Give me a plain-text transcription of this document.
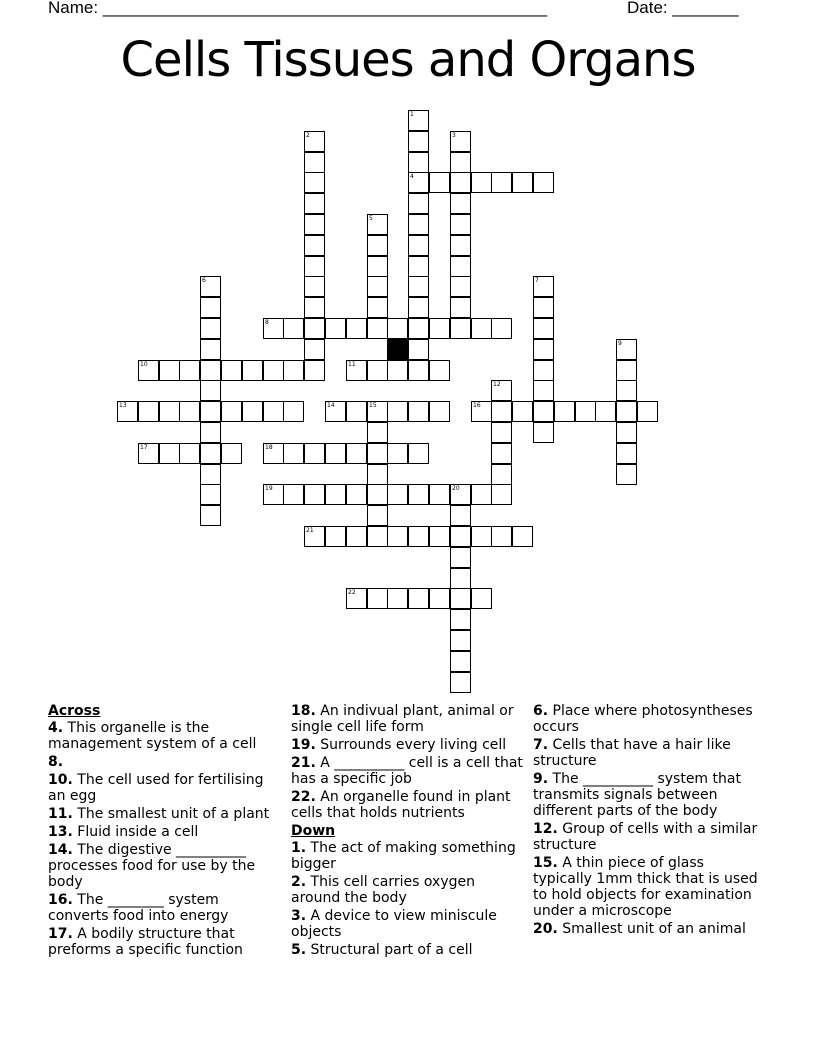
Name: _______________________________________________	Date: _______
Cells Tissues and Organs
4
8
10	11
13	14	16
17	18
19
21
22
1
2	3
5
6	7
9
12
15
20
Across
4. This organelle is the management system of a cell
8.
10. The cell used for fertilising an egg
11. The smallest unit of a plant
13. Fluid inside a cell
14. The digestive __________ processes food for use by the body
16. The ________ system converts food into energy
17. A bodily structure that preforms a specific function
18. An indivual plant, animal or single cell life form
19. Surrounds every living cell
21. A __________ cell is a cell that has a specific job
22. An organelle found in plant cells that holds nutrients
Down
1. The act of making something bigger
2. This cell carries oxygen around the body
3. A device to view miniscule objects
5. Structural part of a cell
6. Place where photosyntheses occurs
7. Cells that have a hair like structure
9. The __________ system that transmits signals between different parts of the body
12. Group of cells with a similar structure
15. A thin piece of glass typically 1mm thick that is used to hold objects for examination under a microscope
20. Smallest unit of an animal
